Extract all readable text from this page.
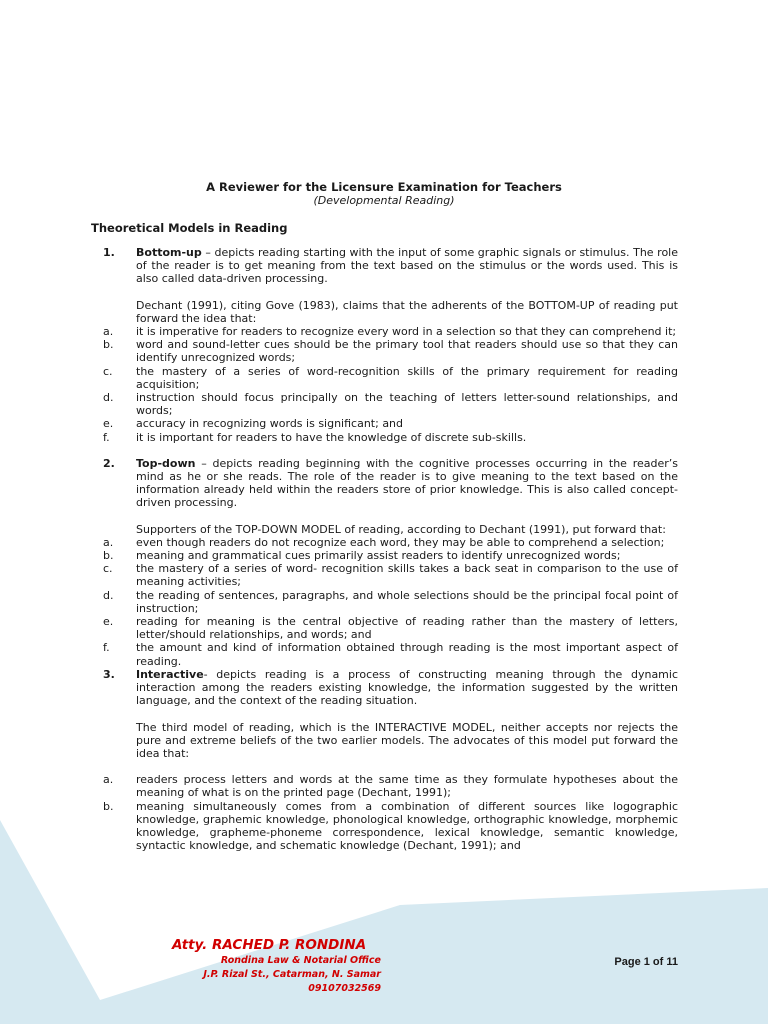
A Reviewer for the Licensure Examination for Teachers
(Developmental Reading)
Theoretical Models in Reading
1. Bottom-up – depicts reading starting with the input of some graphic signals or stimulus. The role of the reader is to get meaning from the text based on the stimulus or the words used. This is also called data-driven processing.
Dechant (1991), citing Gove (1983), claims that the adherents of the BOTTOM-UP of reading put forward the idea that:
a. it is imperative for readers to recognize every word in a selection so that they can comprehend it;
b. word and sound-letter cues should be the primary tool that readers should use so that they can identify unrecognized words;
c. the mastery of a series of word-recognition skills of the primary requirement for reading acquisition;
d. instruction should focus principally on the teaching of letters letter-sound relationships, and words;
e. accuracy in recognizing words is significant; and
f. it is important for readers to have the knowledge of discrete sub-skills.
2. Top-down – depicts reading beginning with the cognitive processes occurring in the reader’s mind as he or she reads. The role of the reader is to give meaning to the text based on the information already held within the readers store of prior knowledge. This is also called concept-driven processing.
Supporters of the TOP-DOWN MODEL of reading, according to Dechant (1991), put forward that:
a. even though readers do not recognize each word, they may be able to comprehend a selection;
b. meaning and grammatical cues primarily assist readers to identify unrecognized words;
c. the mastery of a series of word- recognition skills takes a back seat in comparison to the use of meaning activities;
d. the reading of sentences, paragraphs, and whole selections should be the principal focal point of instruction;
e. reading for meaning is the central objective of reading rather than the mastery of letters, letter/should relationships, and words; and
f. the amount and kind of information obtained through reading is the most important aspect of reading.
3. Interactive- depicts reading is a process of constructing meaning through the dynamic interaction among the readers existing knowledge, the information suggested by the written language, and the context of the reading situation.
The third model of reading, which is the INTERACTIVE MODEL, neither accepts nor rejects the pure and extreme beliefs of the two earlier models. The advocates of this model put forward the idea that:
a. readers process letters and words at the same time as they formulate hypotheses about the meaning of what is on the printed page (Dechant, 1991);
b. meaning simultaneously comes from a combination of different sources like logographic knowledge, graphemic knowledge, phonological knowledge, orthographic knowledge, morphemic knowledge, grapheme-phoneme correspondence, lexical knowledge, semantic knowledge, syntactic knowledge, and schematic knowledge (Dechant, 1991); and
Atty. RACHED P. RONDINA
Rondina Law & Notarial Office
J.P. Rizal St., Catarman, N. Samar
09107032569
Page 1 of 11
